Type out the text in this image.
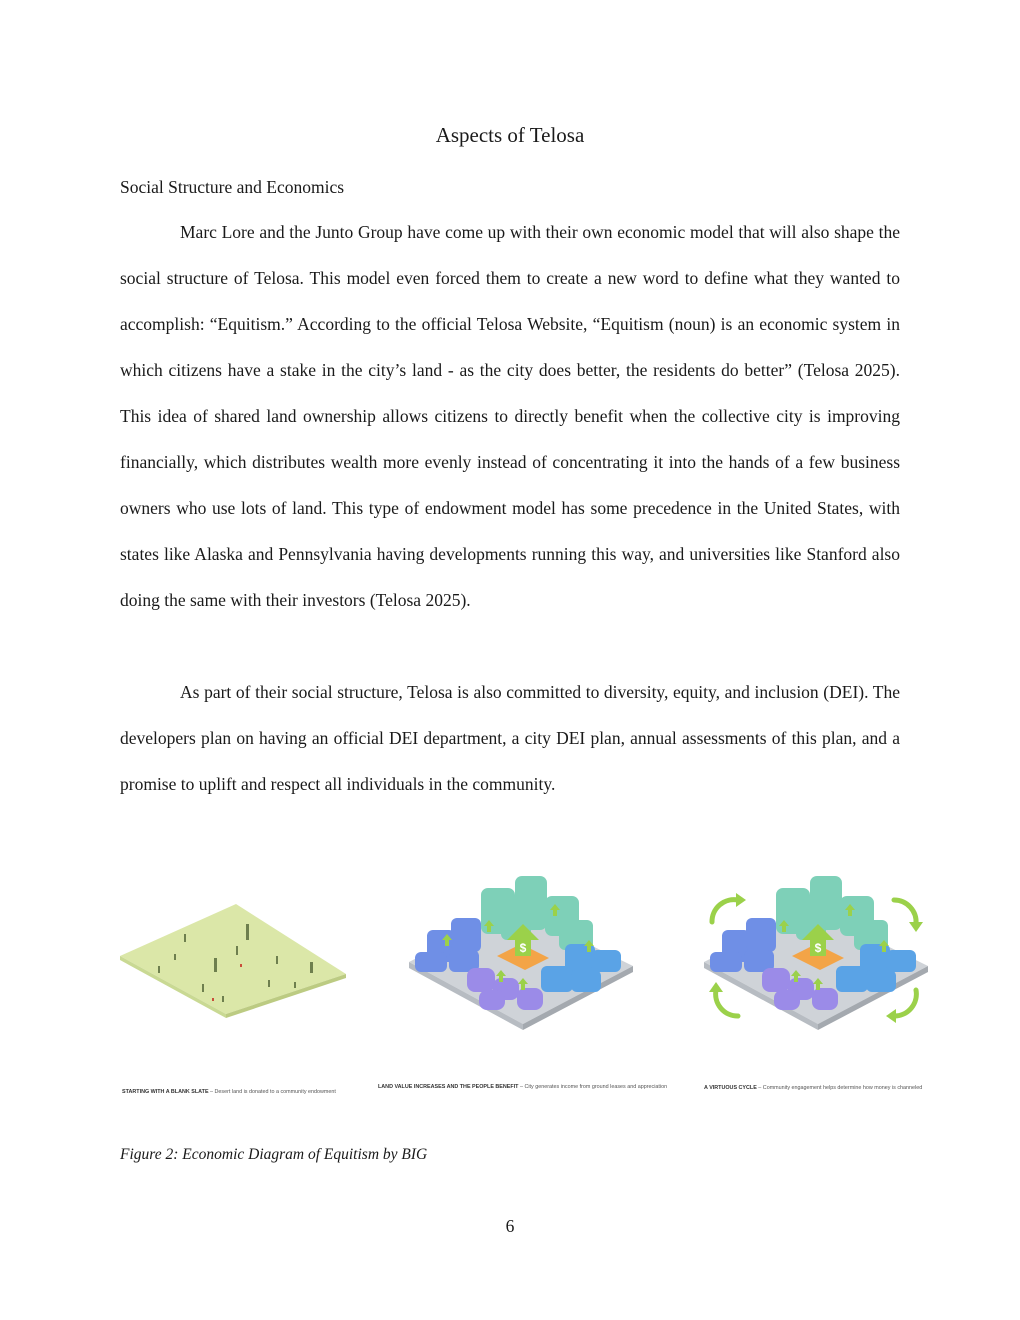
Aspects of Telosa
Social Structure and Economics

Marc Lore and the Junto Group have come up with their own economic model that will also shape the social structure of Telosa. This model even forced them to create a new word to define what they wanted to accomplish: “Equitism.” According to the official Telosa Website, “Equitism (noun) is an economic system in which citizens have a stake in the city’s land - as the city does better, the residents do better” (Telosa 2025). This idea of shared land ownership allows citizens to directly benefit when the collective city is improving financially, which distributes wealth more evenly instead of concentrating it into the hands of a few business owners who use lots of land. This type of endowment model has some precedence in the United States, with states like Alaska and Pennsylvania having developments running this way, and universities like Stanford also doing the same with their investors (Telosa 2025).

As part of their social structure, Telosa is also committed to diversity, equity, and inclusion (DEI). The developers plan on having an official DEI department, a city DEI plan, annual assessments of this plan, and a promise to uplift and respect all individuals in the community.

STARTING WITH A BLANK SLATE – Desert land is donated to a community endowment
$
LAND VALUE INCREASES AND THE PEOPLE BENEFIT – City generates income from ground leases and appreciation
$
A VIRTUOUS CYCLE – Community engagement helps determine how money is channeled
Figure 2: Economic Diagram of Equitism by BIG
6
